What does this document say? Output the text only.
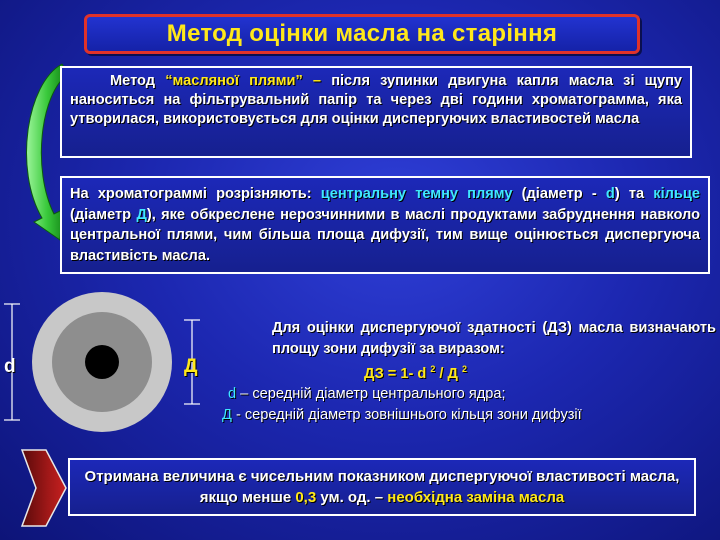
Метод оцінки масла на старіння
Метод “масляної плями” – після зупинки двигуна капля масла зі щупу наноситься на фільтрувальний папір та через дві години хроматограмма, яка утворилася, використовується для оцінки диспергуючих властивостей масла
На хроматограммі розрізняють: центральну темну пляму (діаметр - d) та кільце (діаметр Д), яке обкреслене нерозчинними в маслі продуктами забруднення навколо центральної плями, чим більша площа дифузії, тим вище оцінюється диспергуюча властивість масла.
d	Д
Для оцінки диспергуючої здатності (ДЗ) масла визначають площу зони дифузії за виразом:
ДЗ = 1- d $^2$ / Д $^2$
d – середній діаметр центрального ядра;
Д - середній діаметр зовнішнього кільця зони дифузії
Отримана величина є чисельним показником диспергуючої властивості масла, якщо менше 0,3 ум. од. – необхідна заміна масла
